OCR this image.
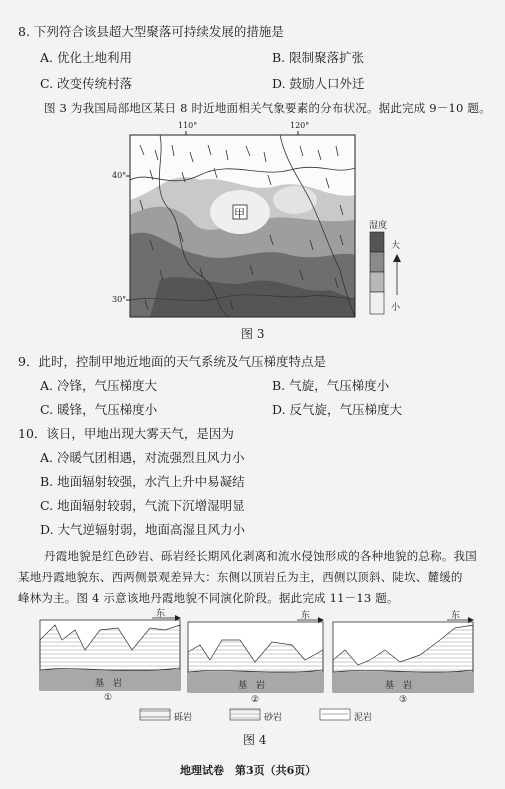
8. 下列符合该县超大型聚落可持续发展的措施是
A. 优化土地利用	B. 限制聚落扩张
C. 改变传统村落	D. 鼓励人口外迁
图 3 为我国局部地区某日 8 时近地面相关气象要素的分布状况。据此完成 9－10 题。
110°	120°
40°
30°
甲
湿度
大
小
图 3
9．此时，控制甲地近地面的天气系统及气压梯度特点是
A. 冷锋，气压梯度大	B. 气旋，气压梯度小
C. 暖锋，气压梯度小	D. 反气旋，气压梯度大
10．该日，甲地出现大雾天气，是因为
A. 冷暖气团相遇，对流强烈且风力小
B. 地面辐射较强，水汽上升中易凝结
C. 地面辐射较弱，气流下沉增湿明显
D. 大气逆辐射弱，地面高湿且风力小
丹霞地貌是红色砂岩、砾岩经长期风化剥离和流水侵蚀形成的各种地貌的总称。我国
某地丹霞地貌东、西两侧景观差异大：东侧以顶岩丘为主，西侧以顶斜、陡坎、麓缓的
峰林为主。图 4 示意该地丹霞地貌不同演化阶段。据此完成 11－13 题。
东	东	东
基　岩	基　岩	基　岩
①	②	③
砾岩	砂岩	泥岩
图 4
地理试卷　第3页（共6页）
